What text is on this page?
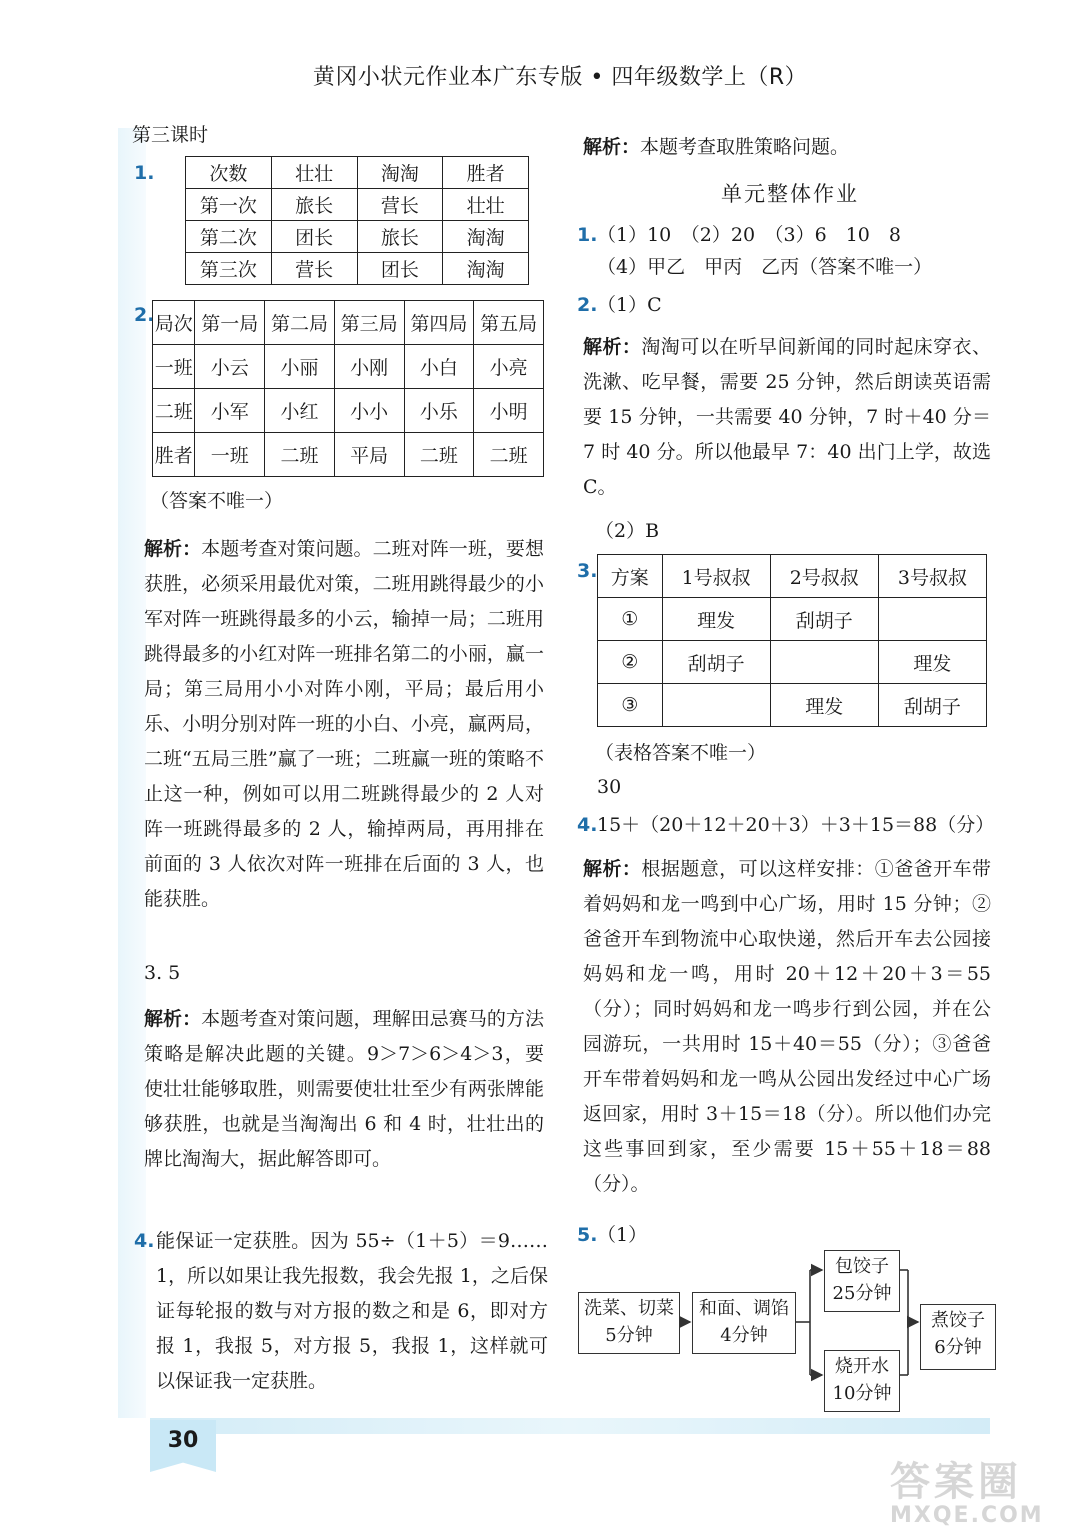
黄冈小状元作业本广东专版 • 四年级数学上（R）
第三课时
1.	次数	壮壮	淘淘	胜者
第一次	旅长	营长	壮壮
第二次	团长	旅长	淘淘
第三次	营长	团长	淘淘
2. 局次	第一局	第二局	第三局	第四局	第五局
一班	小云	小丽	小刚	小白	小亮
二班	小军	小红	小小	小乐	小明
胜者	一班	二班	平局	二班	二班
（答案不唯一）
解析：本题考查对策问题。二班对阵一班，要想获胜，必须采用最优对策，二班用跳得最少的小军对阵一班跳得最多的小云，输掉一局；二班用跳得最多的小红对阵一班排名第二的小丽，赢一局；第三局用小小对阵小刚，平局；最后用小乐、小明分别对阵一班的小白、小亮，赢两局，二班“五局三胜”赢了一班；二班赢一班的策略不止这一种，例如可以用二班跳得最少的 2 人对阵一班跳得最多的 2 人，输掉两局，再用排在前面的 3 人依次对阵一班排在后面的 3 人，也能获胜。
3. 5
解析：本题考查对策问题，理解田忌赛马的方法策略是解决此题的关键。9＞7＞6＞4＞3，要使壮壮能够取胜，则需要使壮壮至少有两张牌能够获胜，也就是当淘淘出 6 和 4 时，壮壮出的牌比淘淘大，据此解答即可。
4. 能保证一定获胜。因为 55÷（1＋5）＝9……1，所以如果让我先报数，我会先报 1，之后保证每轮报的数与对方报的数之和是 6，即对方报 1，我报 5，对方报 5，我报 1，这样就可以保证我一定获胜。
解析：本题考查取胜策略问题。
单元整体作业
1. （1）10　（2）20　（3）6　10　8
（4）甲乙　甲丙　乙丙（答案不唯一）
2. （1）C
解析：淘淘可以在听早间新闻的同时起床穿衣、洗漱、吃早餐，需要 25 分钟，然后朗读英语需要 15 分钟，一共需要 40 分钟，7 时＋40 分＝7 时 40 分。所以他最早 7：40 出门上学，故选 C。
（2）B
3. 方案	1号叔叔	2号叔叔	3号叔叔
①	理发	刮胡子	
②	刮胡子		理发
③		理发	刮胡子
（表格答案不唯一）
30
4. 15＋（20＋12＋20＋3）＋3＋15＝88（分）
解析：根据题意，可以这样安排：①爸爸开车带着妈妈和龙一鸣到中心广场，用时 15 分钟；②爸爸开车到物流中心取快递，然后开车去公园接妈妈和龙一鸣，用时 20＋12＋20＋3＝55（分）；同时妈妈和龙一鸣步行到公园，并在公园游玩，一共用时 15＋40＝55（分）；③爸爸开车带着妈妈和龙一鸣从公园出发经过中心广场返回家，用时 3＋15＝18（分）。所以他们办完这些事回到家，至少需要 15＋55＋18＝88（分）。
5. （1）
洗菜、切菜
5分钟
和面、调馅
4分钟
包饺子
25分钟
烧开水
10分钟
煮饺子
6分钟
30
答案圈
MXQE.COM
